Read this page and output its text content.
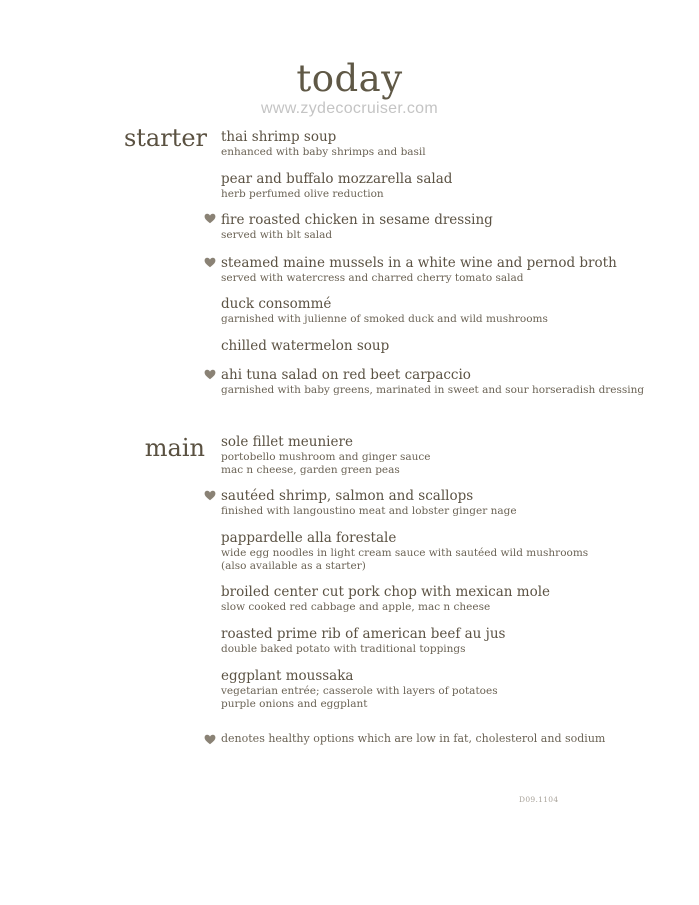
today
www.zydecocruiser.com
starter
main
thai shrimp soup
enhanced with baby shrimps and basil
pear and buffalo mozzarella salad
herb perfumed olive reduction
fire roasted chicken in sesame dressing
served with blt salad
steamed maine mussels in a white wine and pernod broth
served with watercress and charred cherry tomato salad
duck consommé
garnished with julienne of smoked duck and wild mushrooms
chilled watermelon soup
ahi tuna salad on red beet carpaccio
garnished with baby greens, marinated in sweet and sour horseradish dressing
sole fillet meuniere
portobello mushroom and ginger sauce
mac n cheese, garden green peas
sautéed shrimp, salmon and scallops
finished with langoustino meat and lobster ginger nage
pappardelle alla forestale
wide egg noodles in light cream sauce with sautéed wild mushrooms
(also available as a starter)
broiled center cut pork chop with mexican mole
slow cooked red cabbage and apple, mac n cheese
roasted prime rib of american beef au jus
double baked potato with traditional toppings
eggplant moussaka
vegetarian entrée; casserole with layers of potatoes
purple onions and eggplant
denotes healthy options which are low in fat, cholesterol and sodium
D09.1104
